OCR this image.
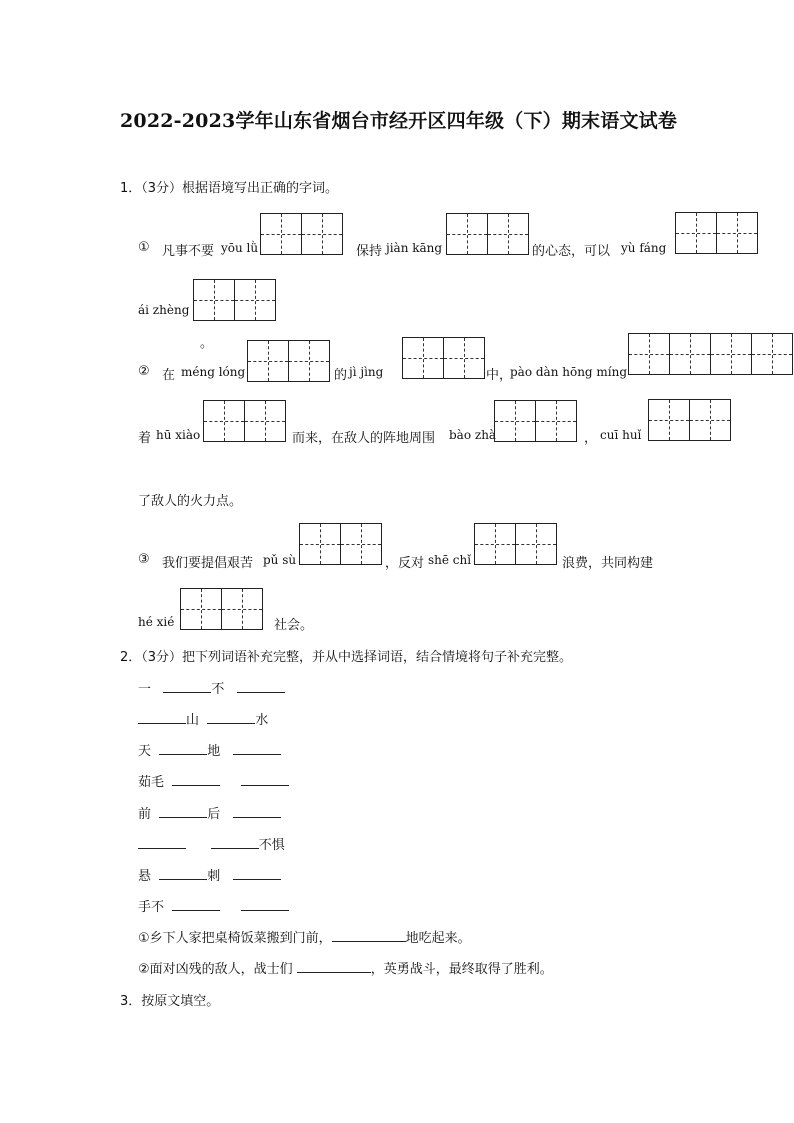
2022-2023学年山东省烟台市经开区四年级（下）期末语文试卷
1．（3分）根据语境写出正确的字词。
① 凡事不要 yōu lǜ	保持 jiàn kāng	的心态，可以 yù fáng
ái zhèng
。
② 在 méng lóng	的 jì jìng	中，
pào dàn hōng míng
着 hū xiào	而来，在敌人的阵地周围 bào zhà	， cuī huǐ
了敌人的火力点。
③ 我们要提倡艰苦 pǔ sù	，反对 shē chǐ	浪费，共同构建
hé xié	社会。
2．（3分）把下列词语补充完整，并从中选择词语，结合情境将句子补充完整。
一	不
山	水
天	地
茹毛
前	后
不惧
悬	刺
手不
①乡下人家把桌椅饭菜搬到门前，	地吃起来。
②面对凶残的敌人，战士们	，英勇战斗，最终取得了胜利。
3．按原文填空。
